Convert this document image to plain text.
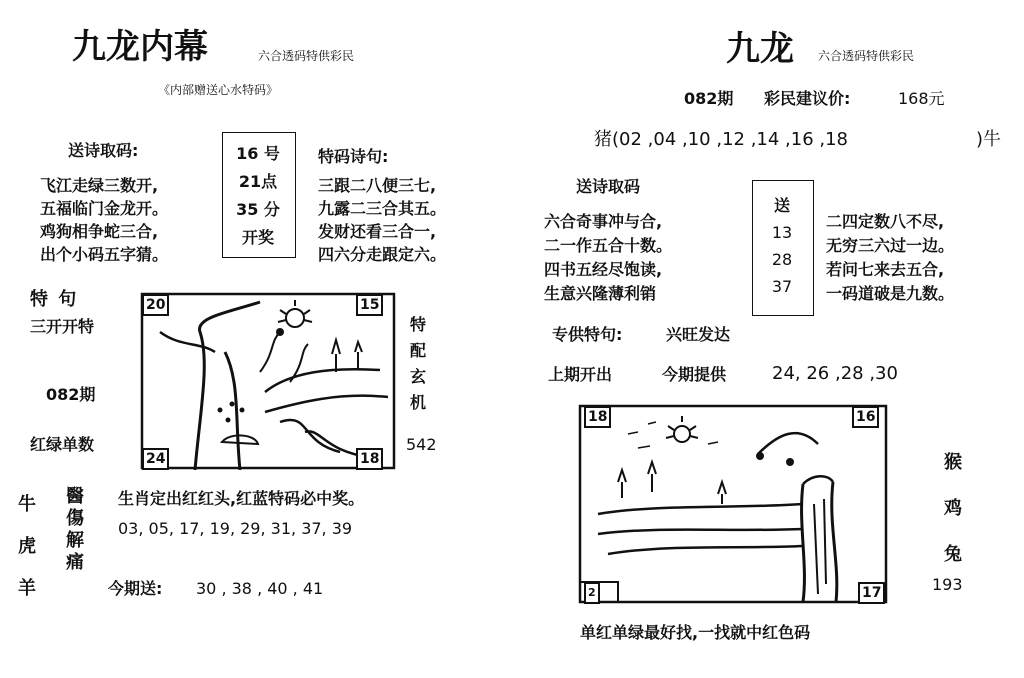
九龙内幕	六合透码特供彩民
《内部赠送心水特码》
送诗取码:
飞江走绿三数开,
五福临门金龙开。
鸡狗相争蛇三合,
出个小码五字猜。
16 号
21点
35 分
开奖
特码诗句:
三跟二八便三七,
九露二三合其五。
发财还看三合一,
四六分走跟定六。
特 句
三开开特
082期
红绿单数
20	15
24	18
特
配
玄
机
542
牛
虎
羊
醫
傷
解
痛
生肖定出红红头,红蓝特码必中奖。
03, 05, 17, 19, 29, 31, 37, 39
今期送: 30 , 38 , 40 , 41
九龙 六合透码特供彩民
082期 彩民建议价:	168元
猪(02 ,04 ,10 ,12 ,14 ,16 ,18	)牛
送诗取码
六合奇事冲与合,
二一作五合十数。
四书五经尽饱读,
生意兴隆薄利销
送
13
28
37
二四定数八不尽,
无穷三六过一边。
若问七来去五合,
一码道破是九数。
专供特句:	兴旺发达
上期开出	今期提供	24, 26 ,28 ,30
18	16
2	17
猴
鸡
兔
193
单红单绿最好找,一找就中红色码
